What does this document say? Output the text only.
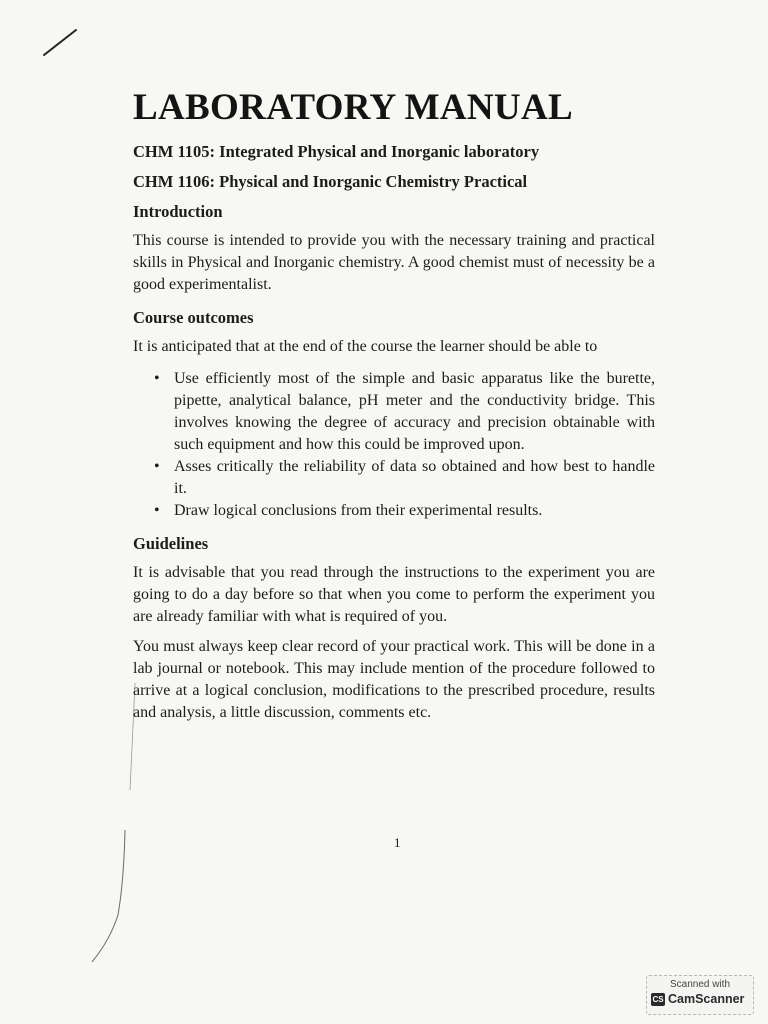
LABORATORY MANUAL

CHM 1105: Integrated Physical and Inorganic laboratory

CHM 1106: Physical and Inorganic Chemistry Practical

Introduction

This course is intended to provide you with the necessary training and practical skills in Physical and Inorganic chemistry. A good chemist must of necessity be a good experimentalist.

Course outcomes

It is anticipated that at the end of the course the learner should be able to

• Use efficiently most of the simple and basic apparatus like the burette, pipette, analytical balance, pH meter and the conductivity bridge. This involves knowing the degree of accuracy and precision obtainable with such equipment and how this could be improved upon.
• Asses critically the reliability of data so obtained and how best to handle it.
• Draw logical conclusions from their experimental results.
Guidelines

It is advisable that you read through the instructions to the experiment you are going to do a day before so that when you come to perform the experiment you are already familiar with what is required of you.

You must always keep clear record of your practical work. This will be done in a lab journal or notebook. This may include mention of the procedure followed to arrive at a logical conclusion, modifications to the prescribed procedure, results and analysis, a little discussion, comments etc.

1
Scanned with
CS CamScanner
